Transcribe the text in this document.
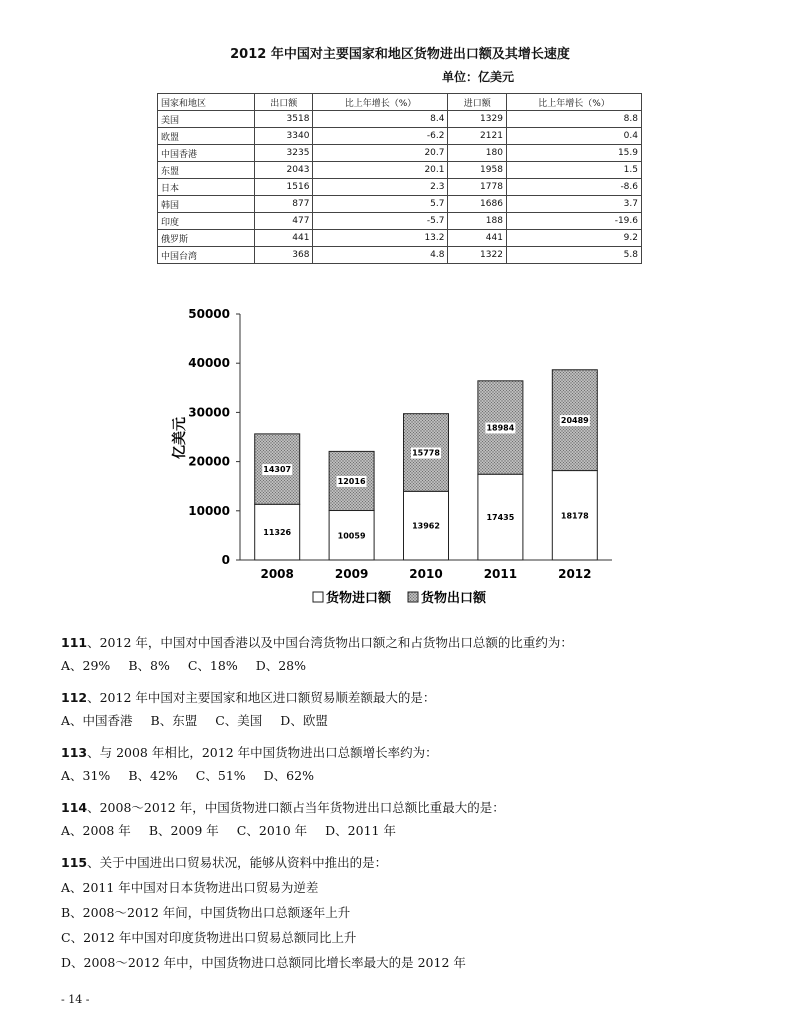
2012 年中国对主要国家和地区货物进出口额及其增长速度
单位：亿美元
国家和地区	出口额	比上年增长（%）	进口额	比上年增长（%）
美国	3518	8.4	1329	8.8
欧盟	3340	-6.2	2121	0.4
中国香港	3235	20.7	180	15.9
东盟	2043	20.1	1958	1.5
日本	1516	2.3	1778	-8.6
韩国	877	5.7	1686	3.7
印度	477	-5.7	188	-19.6
俄罗斯	441	13.2	441	9.2
中国台湾	368	4.8	1322	5.8
0
10000
20000
30000
40000
50000
亿美元
11326
14307
2008
10059
12016
2009
13962
15778
2010
17435
18984
2011
18178
20489
2012
货物进口额 货物出口额
111、2012 年，中国对中国香港以及中国台湾货物出口额之和占货物出口总额的比重约为：
A、29% B、8% C、18% D、28%
112、2012 年中国对主要国家和地区进口额贸易顺差额最大的是：
A、中国香港 B、东盟 C、美国 D、欧盟
113、与 2008 年相比，2012 年中国货物进出口总额增长率约为：
A、31% B、42% C、51% D、62%
114、2008～2012 年，中国货物进口额占当年货物进出口总额比重最大的是：
A、2008 年 B、2009 年 C、2010 年 D、2011 年
115、关于中国进出口贸易状况，能够从资料中推出的是：
A、2011 年中国对日本货物进出口贸易为逆差
B、2008～2012 年间，中国货物出口总额逐年上升
C、2012 年中国对印度货物进出口贸易总额同比上升
D、2008～2012 年中，中国货物进口总额同比增长率最大的是 2012 年
- 14 -
